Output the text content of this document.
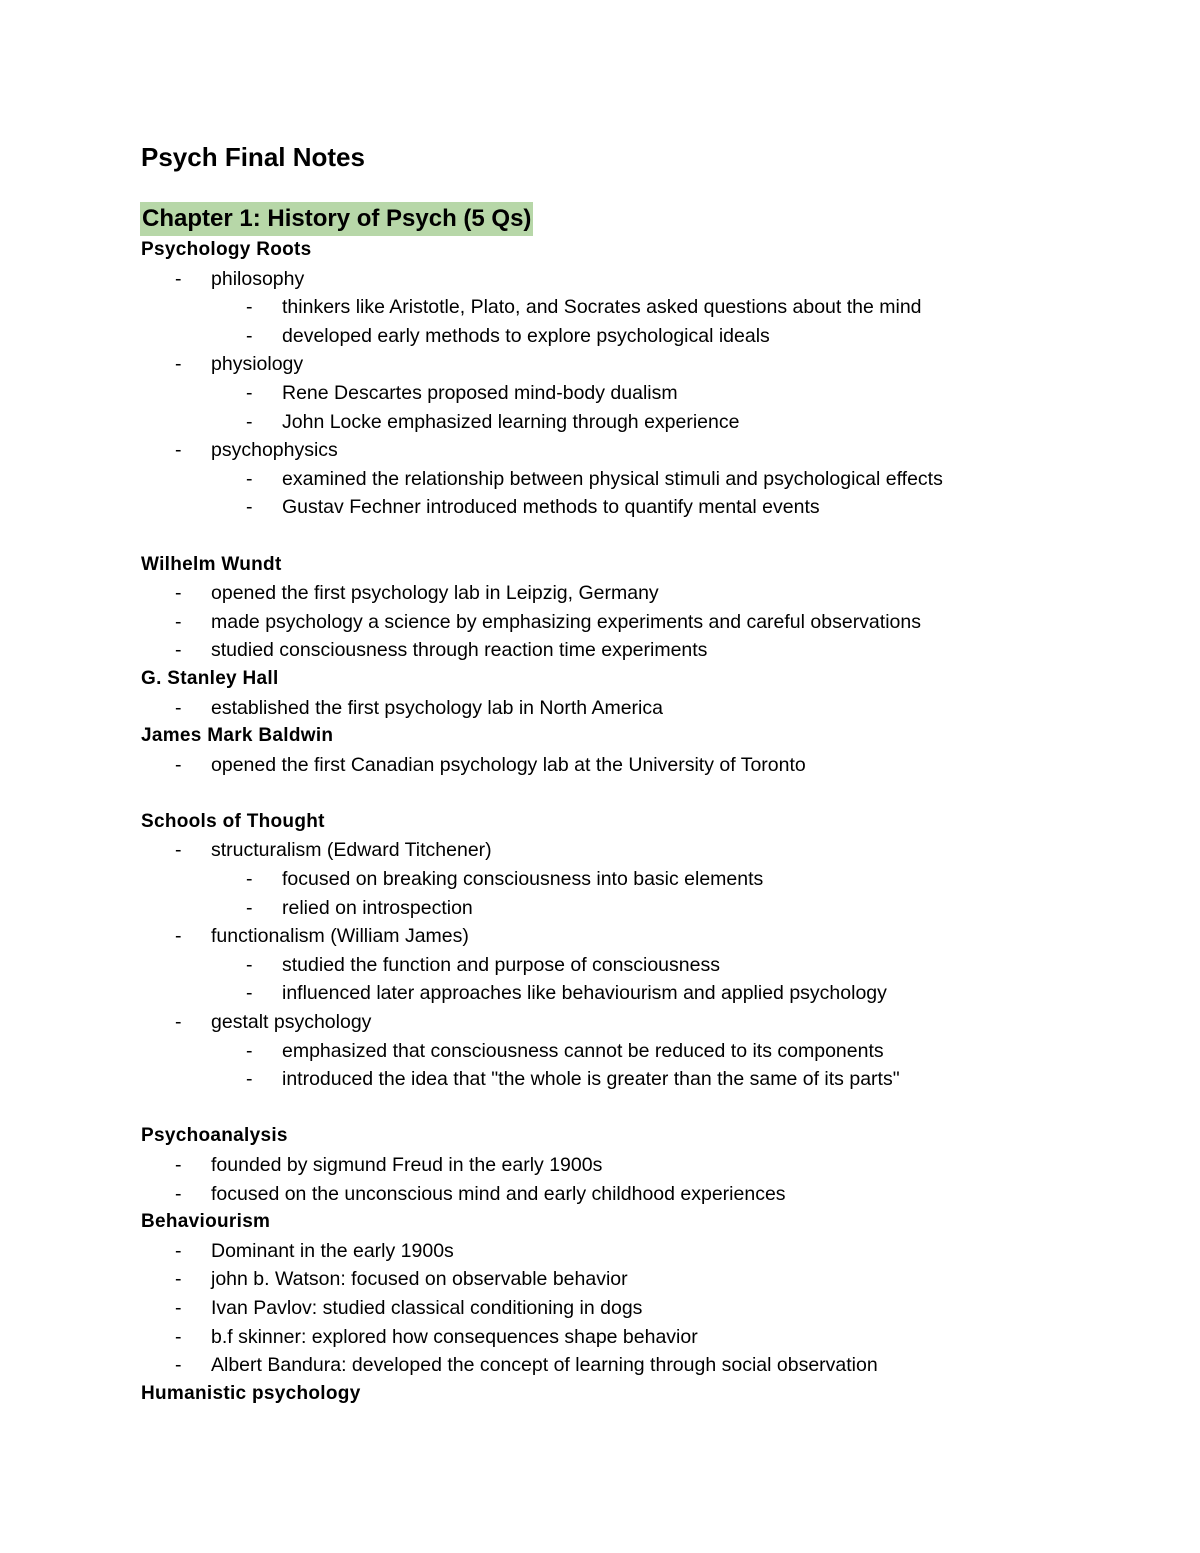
Psych Final Notes
Chapter 1: History of Psych (5 Qs)
Psychology Roots
- philosophy
- thinkers like Aristotle, Plato, and Socrates asked questions about the mind
- developed early methods to explore psychological ideals
- physiology
- Rene Descartes proposed mind-body dualism
- John Locke emphasized learning through experience
- psychophysics
- examined the relationship between physical stimuli and psychological effects
- Gustav Fechner introduced methods to quantify mental events
Wilhelm Wundt
- opened the first psychology lab in Leipzig, Germany
- made psychology a science by emphasizing experiments and careful observations
- studied consciousness through reaction time experiments
G. Stanley Hall
- established the first psychology lab in North America
James Mark Baldwin
- opened the first Canadian psychology lab at the University of Toronto
Schools of Thought
- structuralism (Edward Titchener)
- focused on breaking consciousness into basic elements
- relied on introspection
- functionalism (William James)
- studied the function and purpose of consciousness
- influenced later approaches like behaviourism and applied psychology
- gestalt psychology
- emphasized that consciousness cannot be reduced to its components
- introduced the idea that "the whole is greater than the same of its parts"
Psychoanalysis
- founded by sigmund Freud in the early 1900s
- focused on the unconscious mind and early childhood experiences
Behaviourism
- Dominant in the early 1900s
- john b. Watson: focused on observable behavior
- Ivan Pavlov: studied classical conditioning in dogs
- b.f skinner: explored how consequences shape behavior
- Albert Bandura: developed the concept of learning through social observation
Humanistic psychology
